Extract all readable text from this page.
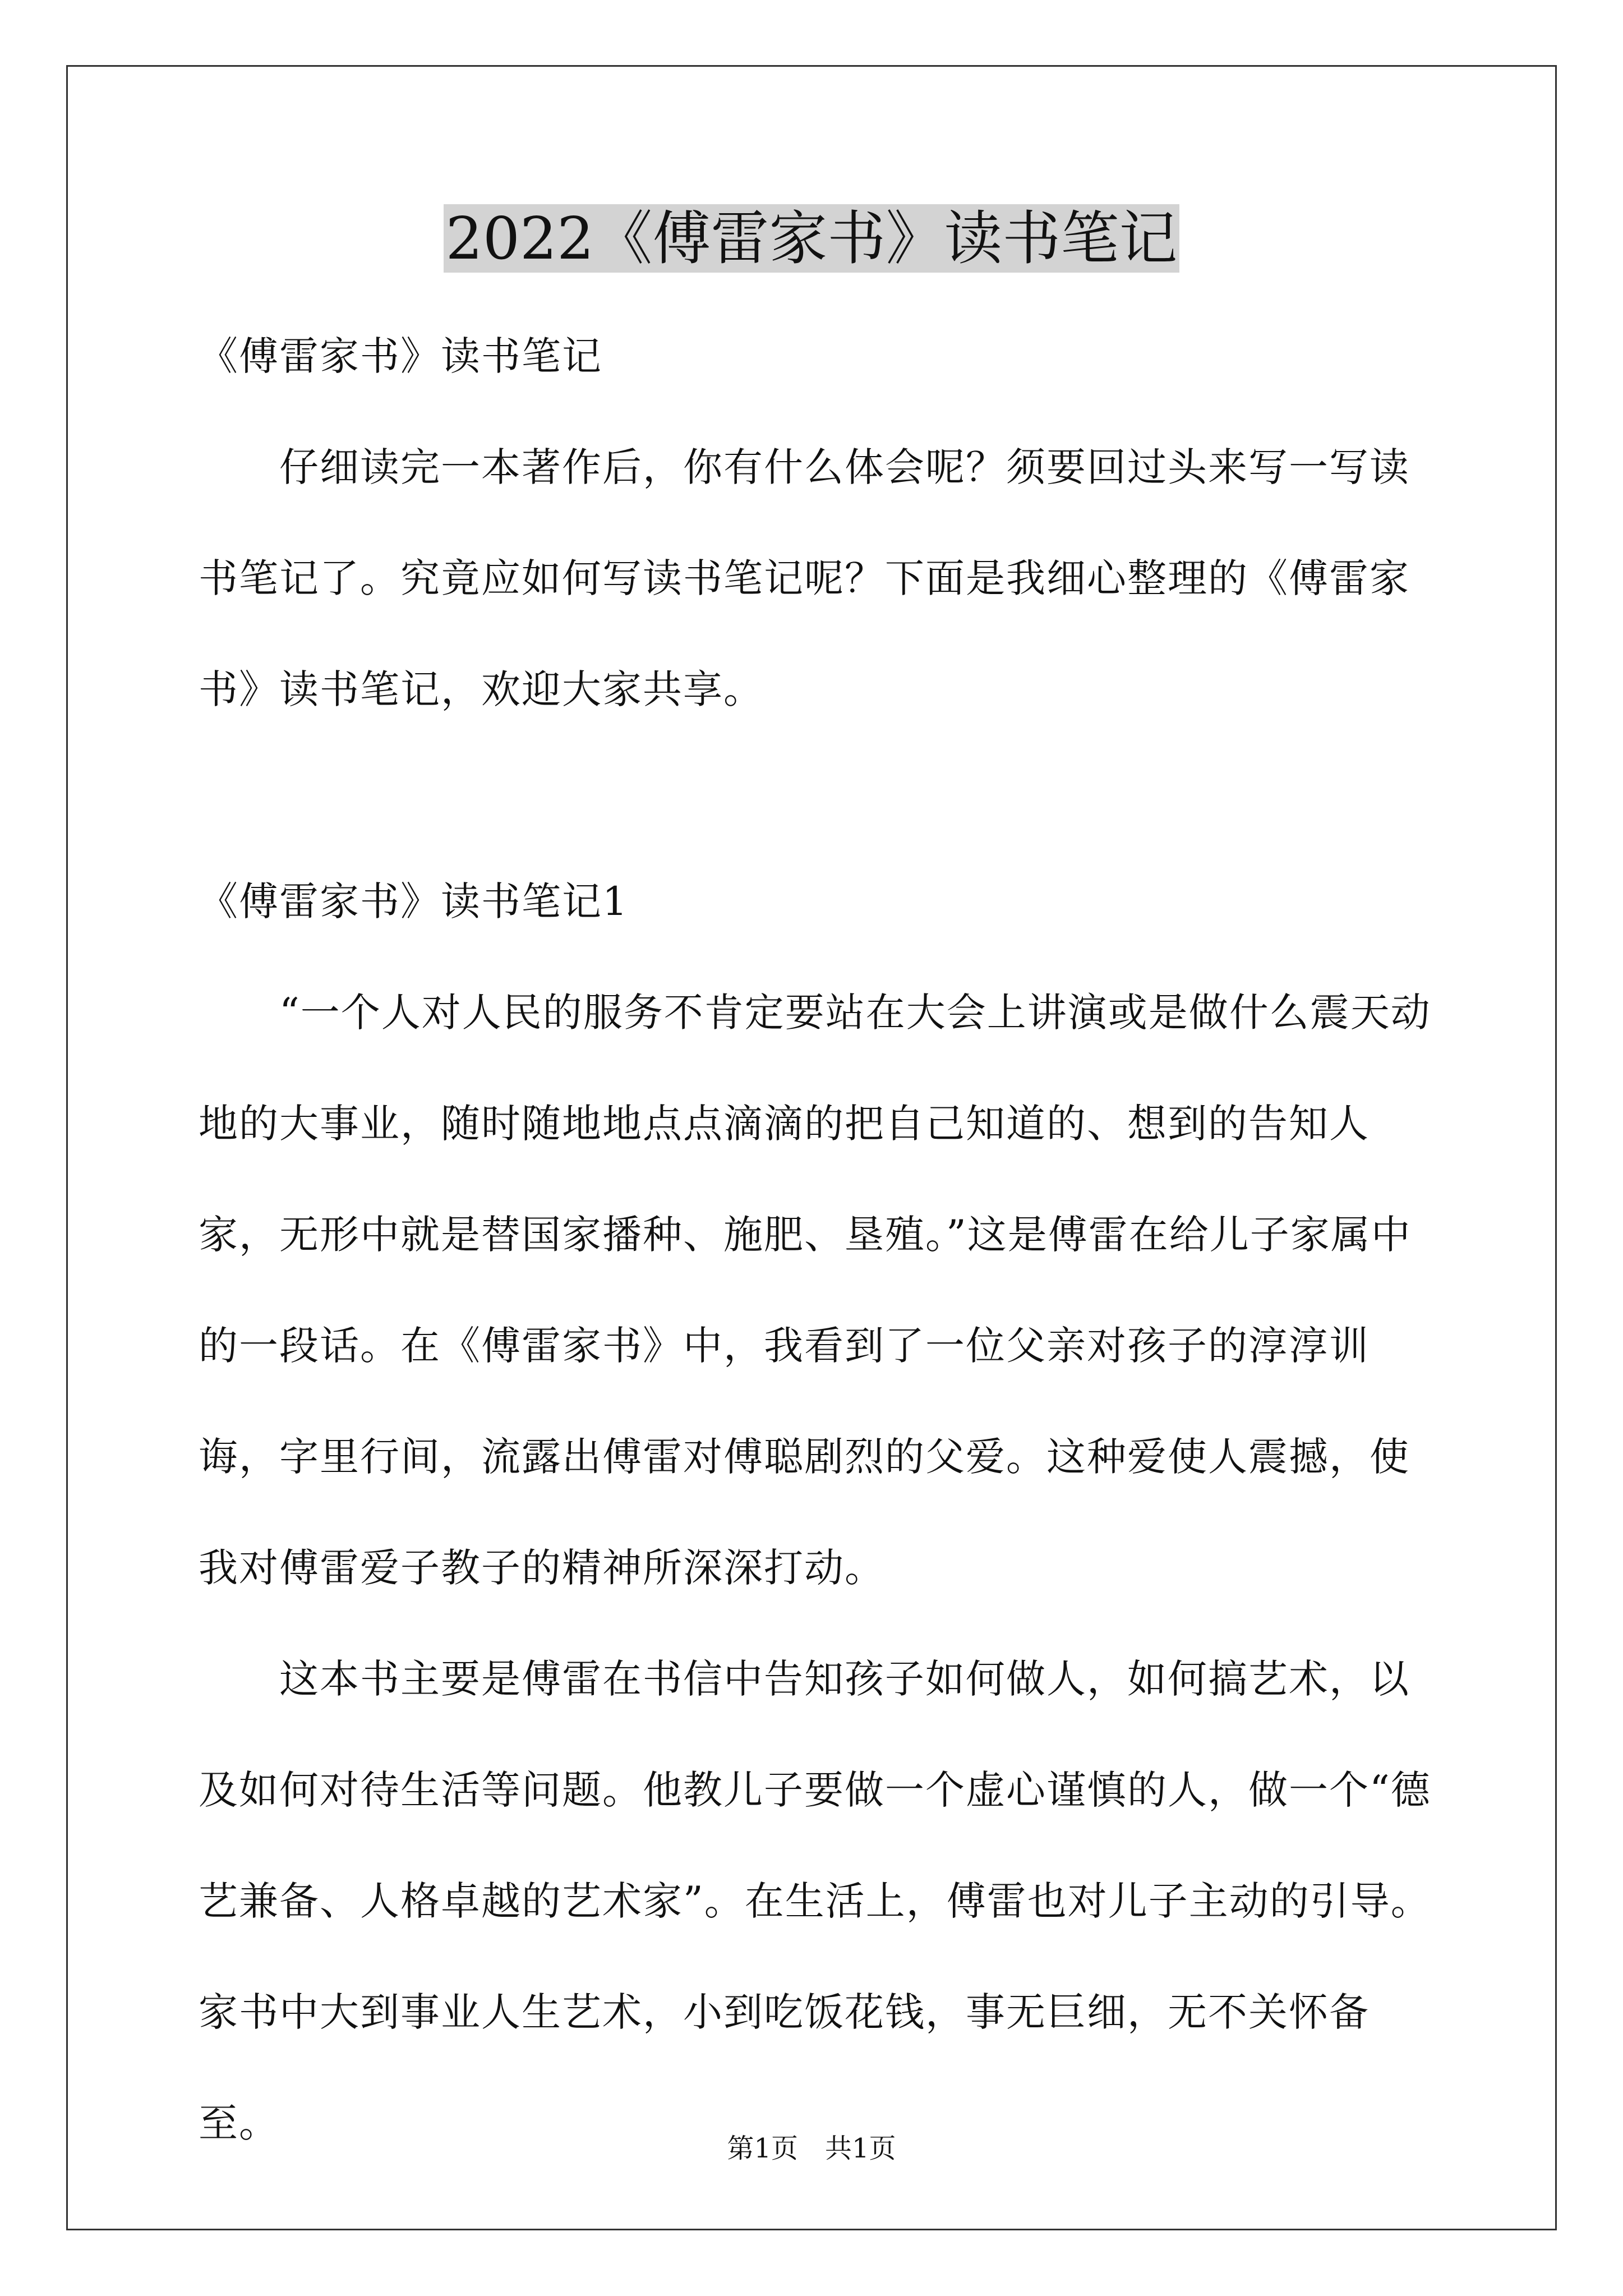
2022《傅雷家书》读书笔记

《傅雷家书》读书笔记

仔细读完一本著作后，你有什么体会呢？须要回过头来写一写读书笔记了。究竟应如何写读书笔记呢？下面是我细心整理的《傅雷家书》读书笔记，欢迎大家共享。

《傅雷家书》读书笔记1

“一个人对人民的服务不肯定要站在大会上讲演或是做什么震天动地的大事业，随时随地地点点滴滴的把自己知道的、想到的告知人家，无形中就是替国家播种、施肥、垦殖。”这是傅雷在给儿子家属中的一段话。在《傅雷家书》中，我看到了一位父亲对孩子的淳淳训诲，字里行间，流露出傅雷对傅聪剧烈的父爱。这种爱使人震撼，使我对傅雷爱子教子的精神所深深打动。

这本书主要是傅雷在书信中告知孩子如何做人，如何搞艺术，以及如何对待生活等问题。他教儿子要做一个虚心谨慎的人，做一个“德艺兼备、人格卓越的艺术家”。在生活上，傅雷也对儿子主动的引导。家书中大到事业人生艺术，小到吃饭花钱，事无巨细，无不关怀备至。

第1页　共1页
